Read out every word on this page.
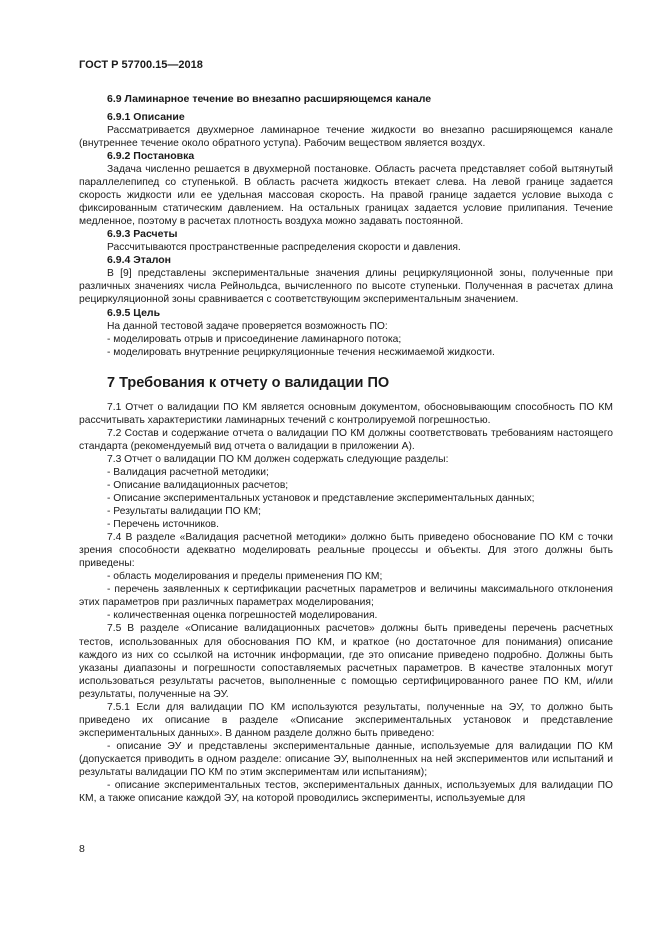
ГОСТ Р 57700.15—2018
6.9 Ламинарное течение во внезапно расширяющемся канале
6.9.1 Описание

Рассматривается двухмерное ламинарное течение жидкости во внезапно расширяющемся канале (внутреннее течение около обратного уступа). Рабочим веществом является воздух.

6.9.2 Постановка

Задача численно решается в двухмерной постановке. Область расчета представляет собой вытянутый параллелепипед со ступенькой. В область расчета жидкость втекает слева. На левой границе задается скорость жидкости или ее удельная массовая скорость. На правой границе задается условие выхода с фиксированным статическим давлением. На остальных границах задается условие прилипания. Течение медленное, поэтому в расчетах плотность воздуха можно задавать постоянной.

6.9.3 Расчеты

Рассчитываются пространственные распределения скорости и давления.

6.9.4 Эталон

В [9] представлены экспериментальные значения длины рециркуляционной зоны, полученные при различных значениях числа Рейнольдса, вычисленного по высоте ступеньки. Полученная в расчетах длина рециркуляционной зоны сравнивается с соответствующим экспериментальным значением.

6.9.5 Цель

На данной тестовой задаче проверяется возможность ПО:

- моделировать отрыв и присоединение ламинарного потока;

- моделировать внутренние рециркуляционные течения несжимаемой жидкости.

7 Требования к отчету о валидации ПО

7.1 Отчет о валидации ПО КМ является основным документом, обосновывающим способность ПО КМ рассчитывать характеристики ламинарных течений с контролируемой погрешностью.

7.2 Состав и содержание отчета о валидации ПО КМ должны соответствовать требованиям настоящего стандарта (рекомендуемый вид отчета о валидации в приложении А).

7.3 Отчет о валидации ПО КМ должен содержать следующие разделы:

- Валидация расчетной методики;

- Описание валидационных расчетов;

- Описание экспериментальных установок и представление экспериментальных данных;

- Результаты валидации ПО КМ;

- Перечень источников.

7.4 В разделе «Валидация расчетной методики» должно быть приведено обоснование ПО КМ с точки зрения способности адекватно моделировать реальные процессы и объекты. Для этого должны быть приведены:

- область моделирования и пределы применения ПО КМ;

- перечень заявленных к сертификации расчетных параметров и величины максимального отклонения этих параметров при различных параметрах моделирования;

- количественная оценка погрешностей моделирования.

7.5 В разделе «Описание валидационных расчетов» должны быть приведены перечень расчетных тестов, использованных для обоснования ПО КМ, и краткое (но достаточное для понимания) описание каждого из них со ссылкой на источник информации, где это описание приведено подробно. Должны быть указаны диапазоны и погрешности сопоставляемых расчетных параметров. В качестве эталонных могут использоваться результаты расчетов, выполненные с помощью сертифицированного ранее ПО КМ, и/или результаты, полученные на ЭУ.

7.5.1 Если для валидации ПО КМ используются результаты, полученные на ЭУ, то должно быть приведено их описание в разделе «Описание экспериментальных установок и представление экспериментальных данных». В данном разделе должно быть приведено:

- описание ЭУ и представлены экспериментальные данные, используемые для валидации ПО КМ (допускается приводить в одном разделе: описание ЭУ, выполненных на ней экспериментов или испытаний и результаты валидации ПО КМ по этим экспериментам или испытаниям);

- описание экспериментальных тестов, экспериментальных данных, используемых для валидации ПО КМ, а также описание каждой ЭУ, на которой проводились эксперименты, используемые для

8
